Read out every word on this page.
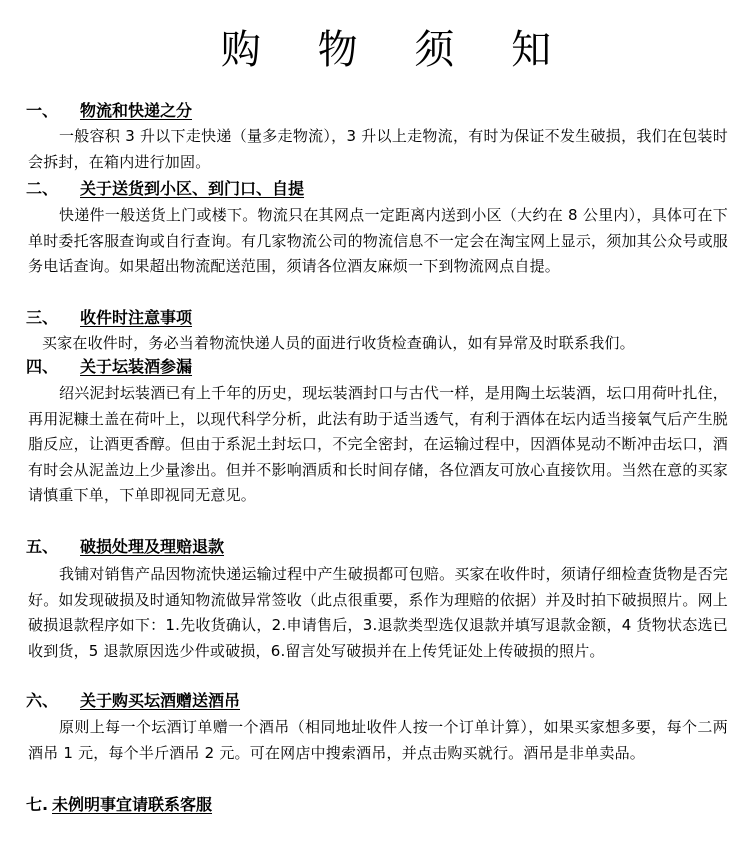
购 物 须 知
一、 物流和快递之分
一般容积 3 升以下走快递（量多走物流），3 升以上走物流，有时为保证不发生破损，我们在包装时会拆封，在箱内进行加固。
二、 关于送货到小区、到门口、自提
快递件一般送货上门或楼下。物流只在其网点一定距离内送到小区（大约在 8 公里内），具体可在下单时委托客服查询或自行查询。有几家物流公司的物流信息不一定会在淘宝网上显示，须加其公众号或服务电话查询。如果超出物流配送范围，须请各位酒友麻烦一下到物流网点自提。
三、 收件时注意事项
买家在收件时，务必当着物流快递人员的面进行收货检查确认，如有异常及时联系我们。
四、 关于坛装酒参漏
绍兴泥封坛装酒已有上千年的历史，现坛装酒封口与古代一样，是用陶土坛装酒，坛口用荷叶扎住，再用泥糠土盖在荷叶上，以现代科学分析，此法有助于适当透气，有利于酒体在坛内适当接氧气后产生脱脂反应，让酒更香醇。但由于系泥土封坛口，不完全密封，在运输过程中，因酒体晃动不断冲击坛口，酒有时会从泥盖边上少量渗出。但并不影响酒质和长时间存储，各位酒友可放心直接饮用。当然在意的买家请慎重下单，下单即视同无意见。
五、 破损处理及理赔退款
我铺对销售产品因物流快递运输过程中产生破损都可包赔。买家在收件时，须请仔细检查货物是否完好。如发现破损及时通知物流做异常签收（此点很重要，系作为理赔的依据）并及时拍下破损照片。网上破损退款程序如下：1.先收货确认，2.申请售后，3.退款类型选仅退款并填写退款金额，4 货物状态选已收到货，5 退款原因选少件或破损，6.留言处写破损并在上传凭证处上传破损的照片。
六、 关于购买坛酒赠送酒吊
原则上每一个坛酒订单赠一个酒吊（相同地址收件人按一个订单计算），如果买家想多要，每个二两酒吊 1 元，每个半斤酒吊 2 元。可在网店中搜索酒吊，并点击购买就行。酒吊是非单卖品。
七. 未例明事宜请联系客服
